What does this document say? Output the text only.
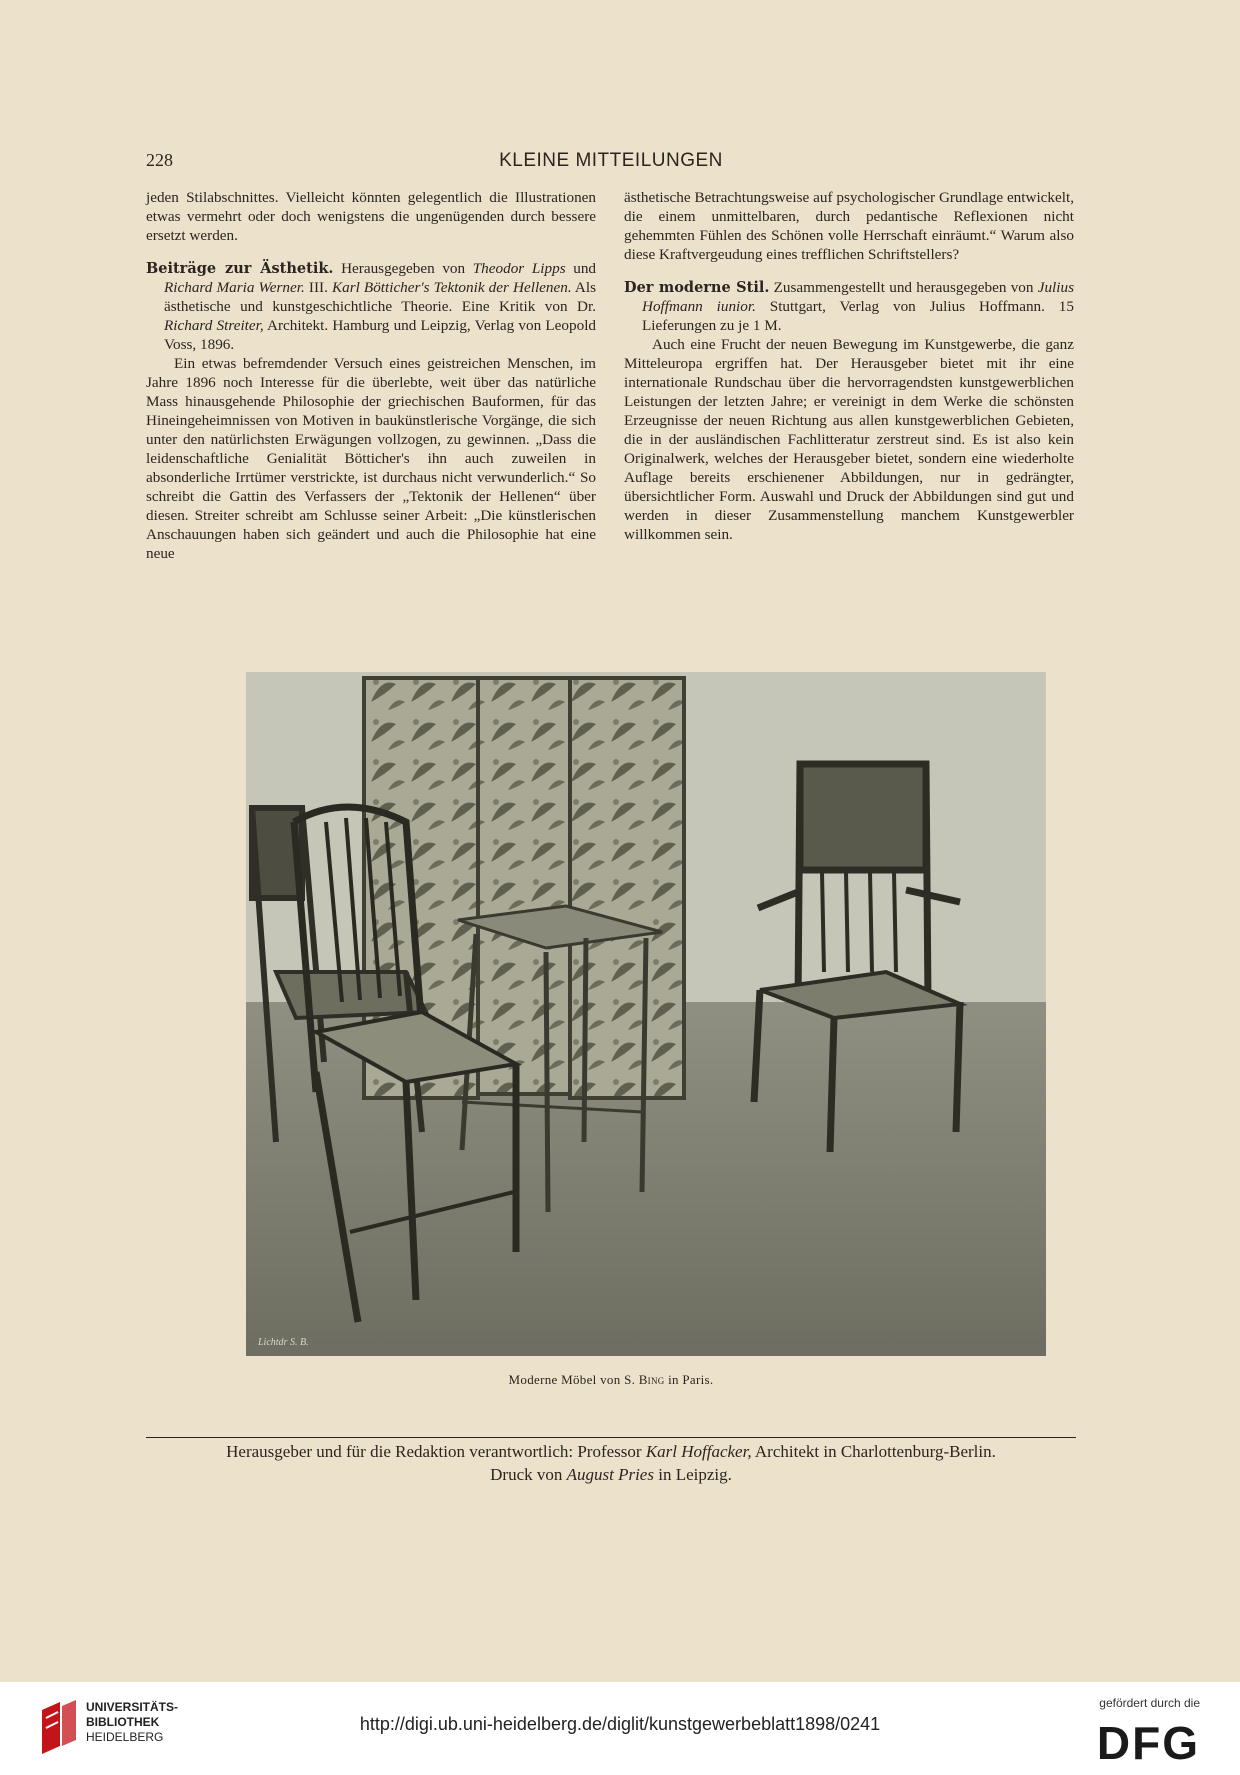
228	KLEINE MITTEILUNGEN

jeden Stilabschnittes. Vielleicht könnten gelegentlich die Illustrationen etwas vermehrt oder doch wenigstens die ungenügenden durch bessere ersetzt werden.

Beiträge zur Ästhetik. Herausgegeben von Theodor Lipps und Richard Maria Werner. III. Karl Bötticher's Tektonik der Hellenen. Als ästhetische und kunstgeschichtliche Theorie. Eine Kritik von Dr. Richard Streiter, Architekt. Hamburg und Leipzig, Verlag von Leopold Voss, 1896.

Ein etwas befremdender Versuch eines geistreichen Menschen, im Jahre 1896 noch Interesse für die überlebte, weit über das natürliche Mass hinausgehende Philosophie der griechischen Bauformen, für das Hineingeheimnissen von Motiven in baukünstlerische Vorgänge, die sich unter den natürlichsten Erwägungen vollzogen, zu gewinnen. „Dass die leidenschaftliche Genialität Bötticher's ihn auch zuweilen in absonderliche Irrtümer verstrickte, ist durchaus nicht verwunderlich.“ So schreibt die Gattin des Verfassers der „Tektonik der Hellenen“ über diesen. Streiter schreibt am Schlusse seiner Arbeit: „Die künstlerischen Anschauungen haben sich geändert und auch die Philosophie hat eine neue

ästhetische Betrachtungsweise auf psychologischer Grundlage entwickelt, die einem unmittelbaren, durch pedantische Reflexionen nicht gehemmten Fühlen des Schönen volle Herrschaft einräumt.“ Warum also diese Kraftvergeudung eines trefflichen Schriftstellers?

Der moderne Stil. Zusammengestellt und herausgegeben von Julius Hoffmann iunior. Stuttgart, Verlag von Julius Hoffmann. 15 Lieferungen zu je 1 M.

Auch eine Frucht der neuen Bewegung im Kunstgewerbe, die ganz Mitteleuropa ergriffen hat. Der Herausgeber bietet mit ihr eine internationale Rundschau über die hervorragendsten kunstgewerblichen Leistungen der letzten Jahre; er vereinigt in dem Werke die schönsten Erzeugnisse der neuen Richtung aus allen kunstgewerblichen Gebieten, die in der ausländischen Fachlitteratur zerstreut sind. Es ist also kein Originalwerk, welches der Herausgeber bietet, sondern eine wiederholte Auflage bereits erschienener Abbildungen, nur in gedrängter, übersichtlicher Form. Auswahl und Druck der Abbildungen sind gut und werden in dieser Zusammenstellung manchem Kunstgewerbler willkommen sein.

Lichtdr S. B.
Moderne Möbel von S. Bing in Paris.
Herausgeber und für die Redaktion verantwortlich: Professor Karl Hoffacker, Architekt in Charlottenburg-Berlin.
Druck von August Pries in Leipzig.
UNIVERSITÄTS-
BIBLIOTHEK
HEIDELBERG
http://digi.ub.uni-heidelberg.de/diglit/kunstgewerbeblatt1898/0241
gefördert durch die
DFG
